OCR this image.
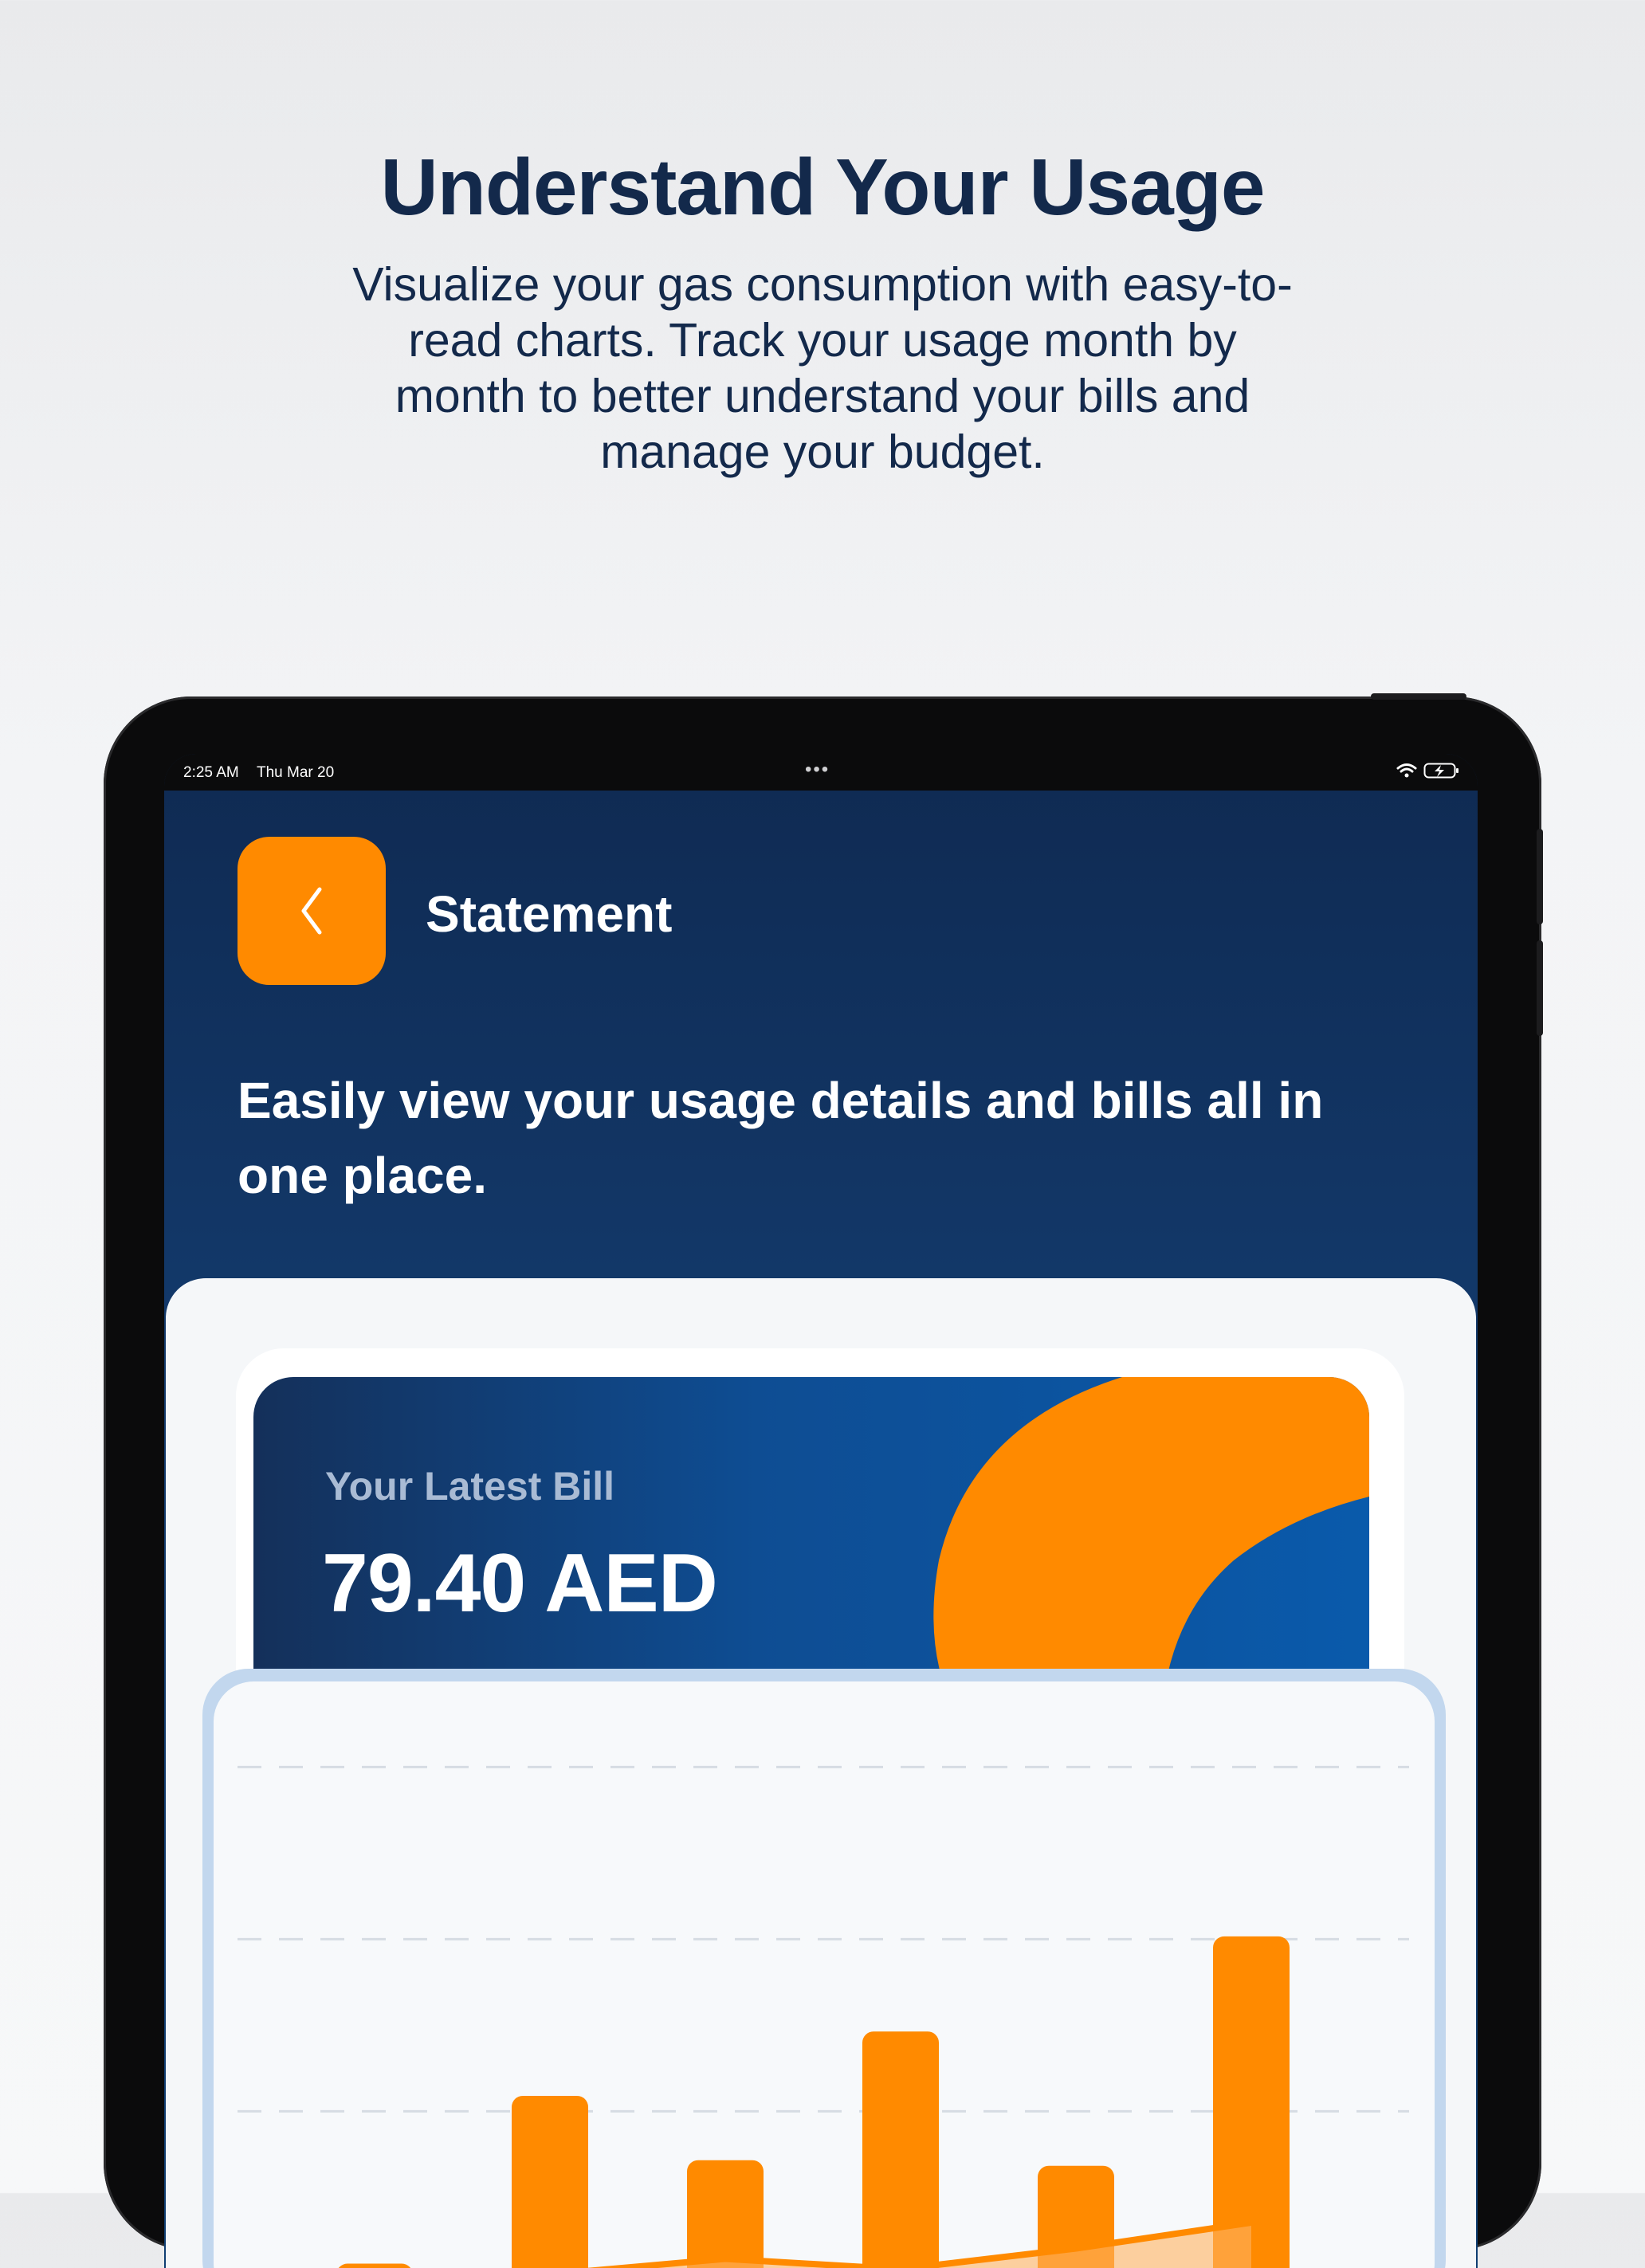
Understand Your Usage

Visualize your gas consumption with easy-to-read charts. Track your usage month by month to better understand your bills and manage your budget.

2:25 AM Thu Mar 20	•••
Statement

Easily view your usage details and bills all in one place.

Your Latest Bill

79.40 AED
